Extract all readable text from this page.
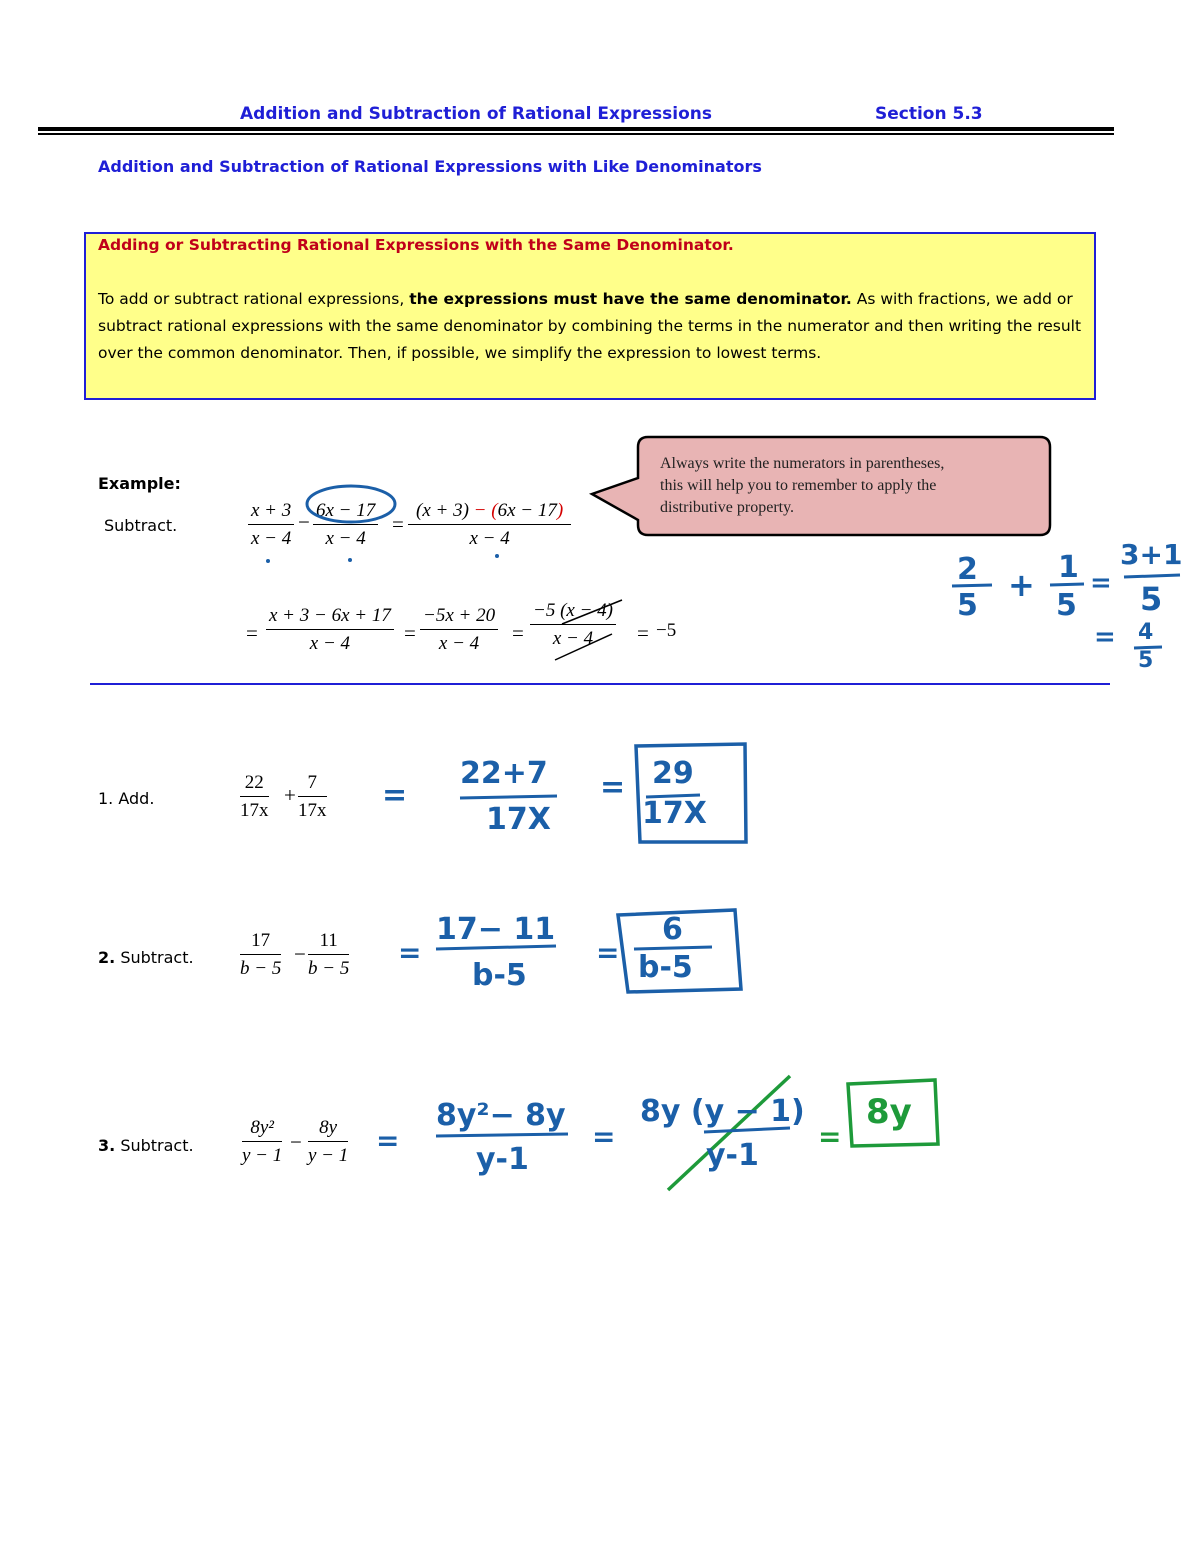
Addition and Subtraction of Rational Expressions	Section 5.3
Addition and Subtraction of Rational Expressions with Like Denominators
Adding or Subtracting Rational Expressions with the Same Denominator.
To add or subtract rational expressions, the expressions must have the same denominator. As with fractions, we add or subtract rational expressions with the same denominator by combining the terms in the numerator and then writing the result over the common denominator. Then, if possible, we simplify the expression to lowest terms.
Example:
Subtract.	$\frac{x + 3}{x - 4} - \frac{6x - 17}{x - 4} = \frac{(x + 3) - (6x - 17)}{x - 4}$
= $\frac{x + 3 - 6x + 17}{x - 4} = \frac{-5x + 20}{x - 4} = \frac{-5 (x - 4)}{x - 4} = -5$
Always write the numerators in parentheses,
this will help you to remember to apply the
distributive property.
2
5
+ 1
5
=
3+1
5
= 4
5
1. Add.	$\frac{22}{17x} + \frac{7}{17x}$ =
22+7
17X
= 29
17X
2. Subtract. $\frac{17}{b - 5} - \frac{11}{b - 5}$ =
17− 11
b-5
=
6
b-5
3. Subtract.	$\frac{\text{8y²}}{y - 1} - \frac{8y}{y - 1}$ =
8y²− 8y
y-1
=
8y (y − 1)
y-1
=
8y
